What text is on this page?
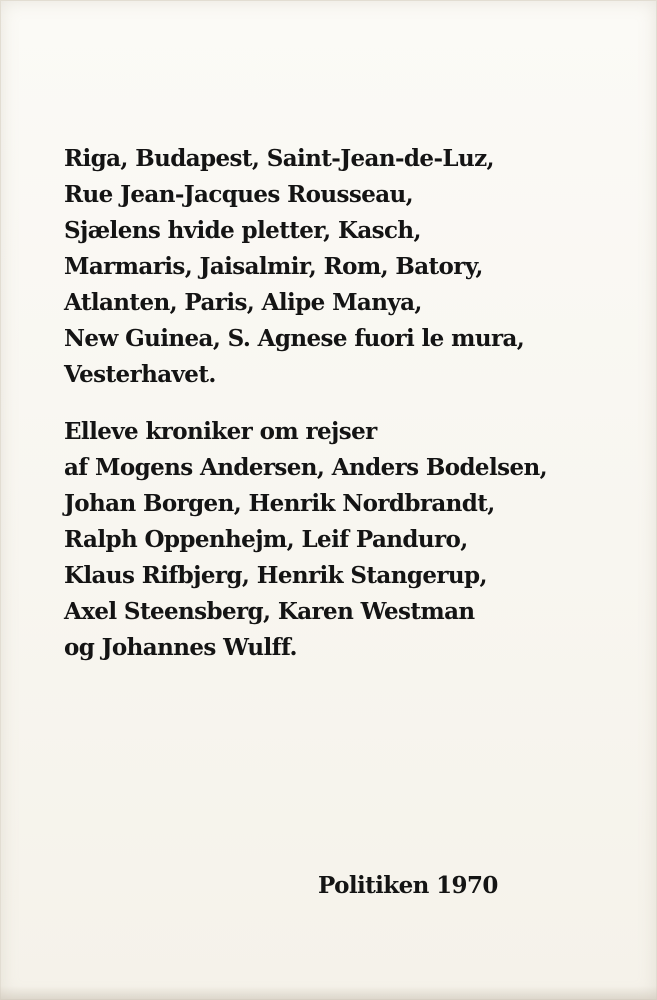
Riga, Budapest, Saint-Jean-de-Luz,
Rue Jean-Jacques Rousseau,
Sjælens hvide pletter, Kasch,
Marmaris, Jaisalmir, Rom, Batory,
Atlanten, Paris, Alipe Manya,
New Guinea, S. Agnese fuori le mura,
Vesterhavet.
Elleve kroniker om rejser
af Mogens Andersen, Anders Bodelsen,
Johan Borgen, Henrik Nordbrandt,
Ralph Oppenhejm, Leif Panduro,
Klaus Rifbjerg, Henrik Stangerup,
Axel Steensberg, Karen Westman
og Johannes Wulff.
Politiken 1970
